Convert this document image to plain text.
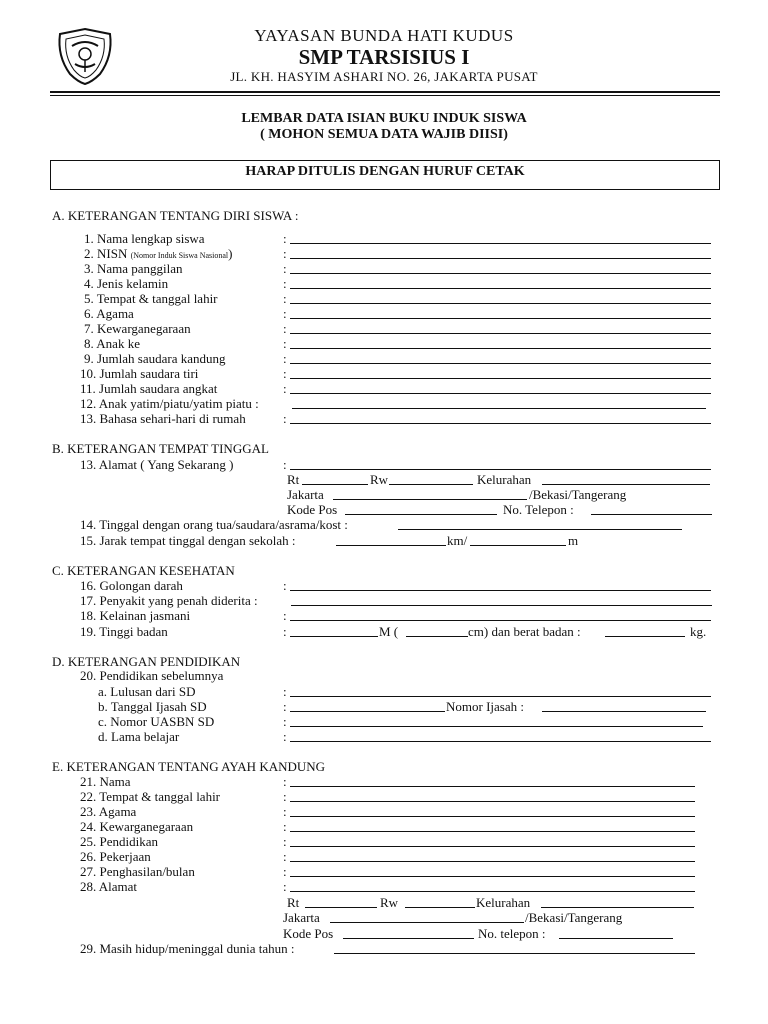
YAYASAN BUNDA HATI KUDUS
SMP TARSISIUS I
JL. KH. HASYIM ASHARI NO. 26, JAKARTA PUSAT
LEMBAR DATA ISIAN BUKU INDUK SISWA
( MOHON SEMUA DATA WAJIB DIISI)
HARAP DITULIS DENGAN HURUF CETAK
A. KETERANGAN TENTANG DIRI SISWA :
1. Nama lengkap siswa	:
2. NISN (Nomor Induk Siswa Nasional)	:
3. Nama panggilan	:
4. Jenis kelamin	:
5. Tempat & tanggal lahir	:
6. Agama	:
7. Kewarganegaraan	:
8. Anak ke	:
9. Jumlah saudara kandung	:
10. Jumlah saudara tiri	:
11. Jumlah saudara angkat	:
12. Anak yatim/piatu/yatim piatu :
13. Bahasa sehari-hari di rumah	:
B. KETERANGAN TEMPAT TINGGAL
13. Alamat ( Yang Sekarang )	:
Rt	Rw	Kelurahan
Jakarta	/Bekasi/Tangerang
Kode Pos	No. Telepon :
14. Tinggal dengan orang tua/saudara/asrama/kost :
15. Jarak tempat tinggal dengan sekolah :	km/	m
C. KETERANGAN KESEHATAN
16. Golongan darah	:
17. Penyakit yang penah diderita :
18. Kelainan jasmani	:
19. Tinggi badan	:	M (	cm) dan berat badan :	kg.
D. KETERANGAN PENDIDIKAN
20. Pendidikan sebelumnya
a. Lulusan dari SD	:
b. Tanggal Ijasah SD	:	Nomor Ijasah :
c. Nomor UASBN SD	:
d. Lama belajar	:
E. KETERANGAN TENTANG AYAH KANDUNG
21. Nama	:
22. Tempat & tanggal lahir	:
23. Agama	:
24. Kewarganegaraan	:
25. Pendidikan	:
26. Pekerjaan	:
27. Penghasilan/bulan	:
28. Alamat	:
Rt	Rw	Kelurahan
Jakarta	/Bekasi/Tangerang
Kode Pos	No. telepon :
29. Masih hidup/meninggal dunia tahun :
